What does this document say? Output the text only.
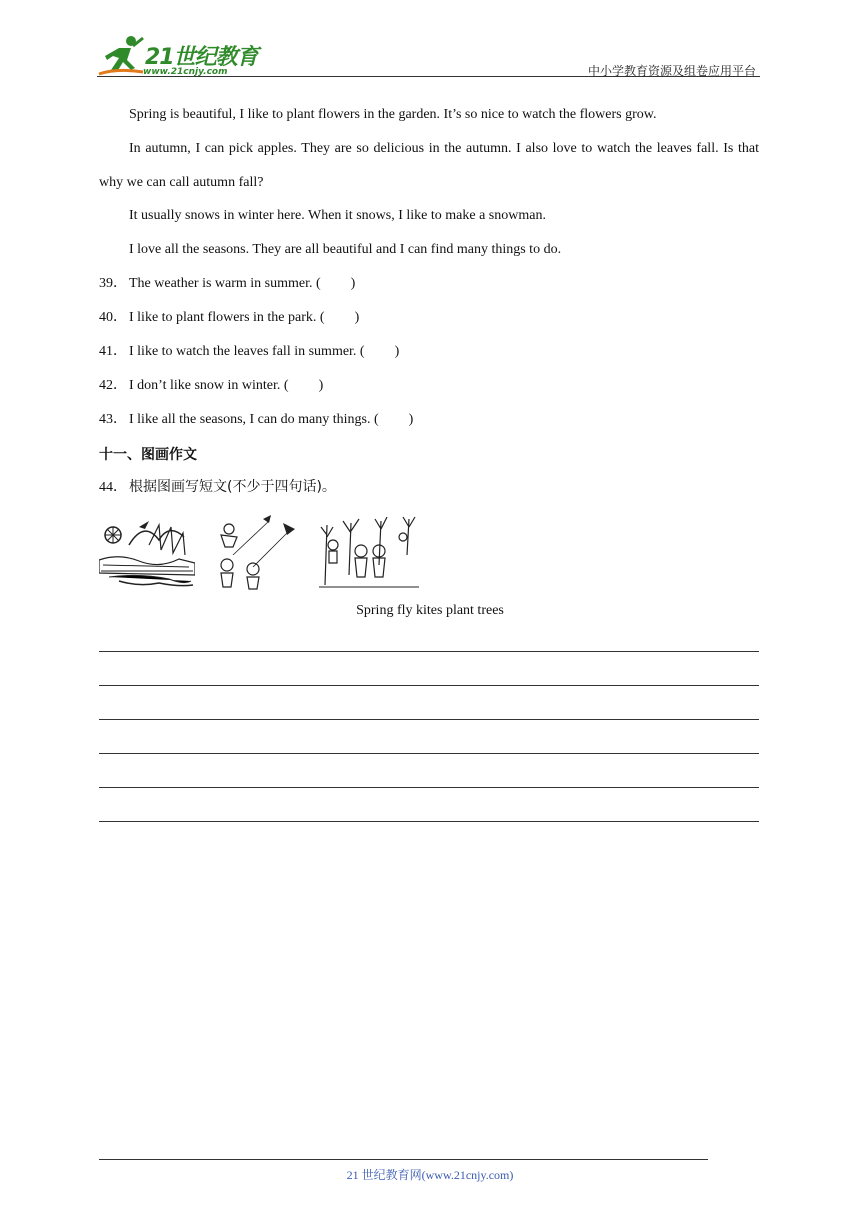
21世纪教育
www.21cnjy.com	中小学教育资源及组卷应用平台
Spring is beautiful, I like to plant flowers in the garden. It’s so nice to watch the flowers grow.
In autumn, I can pick apples. They are so delicious in the autumn. I also love to watch the leaves fall. Is that why we can call autumn fall?
It usually snows in winter here. When it snows, I like to make a snowman.
I love all the seasons. They are all beautiful and I can find many things to do.
39． The weather is warm in summer. ( )
40． I like to plant flowers in the park. ( )
41． I like to watch the leaves fall in summer. ( )
42． I don’t like snow in winter. ( )
43． I like all the seasons, I can do many things. ( )
十一、图画作文
44． 根据图画写短文(不少于四句话)。
Spring fly kites plant trees
21 世纪教育网(www.21cnjy.com)
